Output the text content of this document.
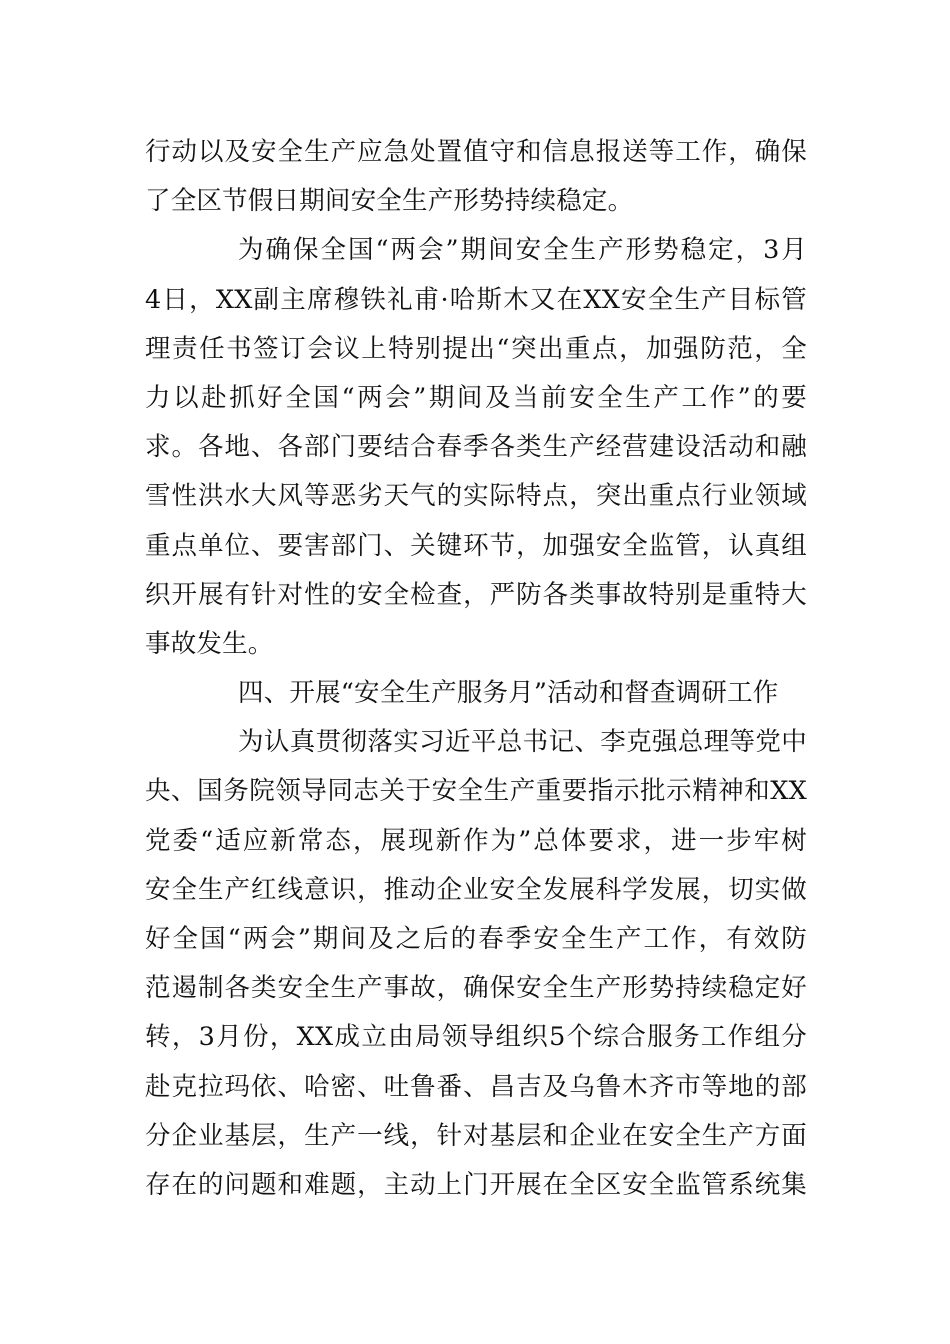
行动以及安全生产应急处置值守和信息报送等工作，确保
了全区节假日期间安全生产形势持续稳定。
为确保全国“两会”期间安全生产形势稳定，3月
4日，XX副主席穆铁礼甫·哈斯木又在XX安全生产目标管
理责任书签订会议上特别提出“突出重点，加强防范，全
力以赴抓好全国“两会”期间及当前安全生产工作”的要
求。各地、各部门要结合春季各类生产经营建设活动和融
雪性洪水大风等恶劣天气的实际特点，突出重点行业领域
重点单位、要害部门、关键环节，加强安全监管，认真组
织开展有针对性的安全检查，严防各类事故特别是重特大
事故发生。
四、开展“安全生产服务月”活动和督查调研工作
为认真贯彻落实习近平总书记、李克强总理等党中
央、国务院领导同志关于安全生产重要指示批示精神和XX
党委“适应新常态，展现新作为”总体要求，进一步牢树
安全生产红线意识，推动企业安全发展科学发展，切实做
好全国“两会”期间及之后的春季安全生产工作，有效防
范遏制各类安全生产事故，确保安全生产形势持续稳定好
转，3月份，XX成立由局领导组织5个综合服务工作组分
赴克拉玛依、哈密、吐鲁番、昌吉及乌鲁木齐市等地的部
分企业基层，生产一线，针对基层和企业在安全生产方面
存在的问题和难题，主动上门开展在全区安全监管系统集
